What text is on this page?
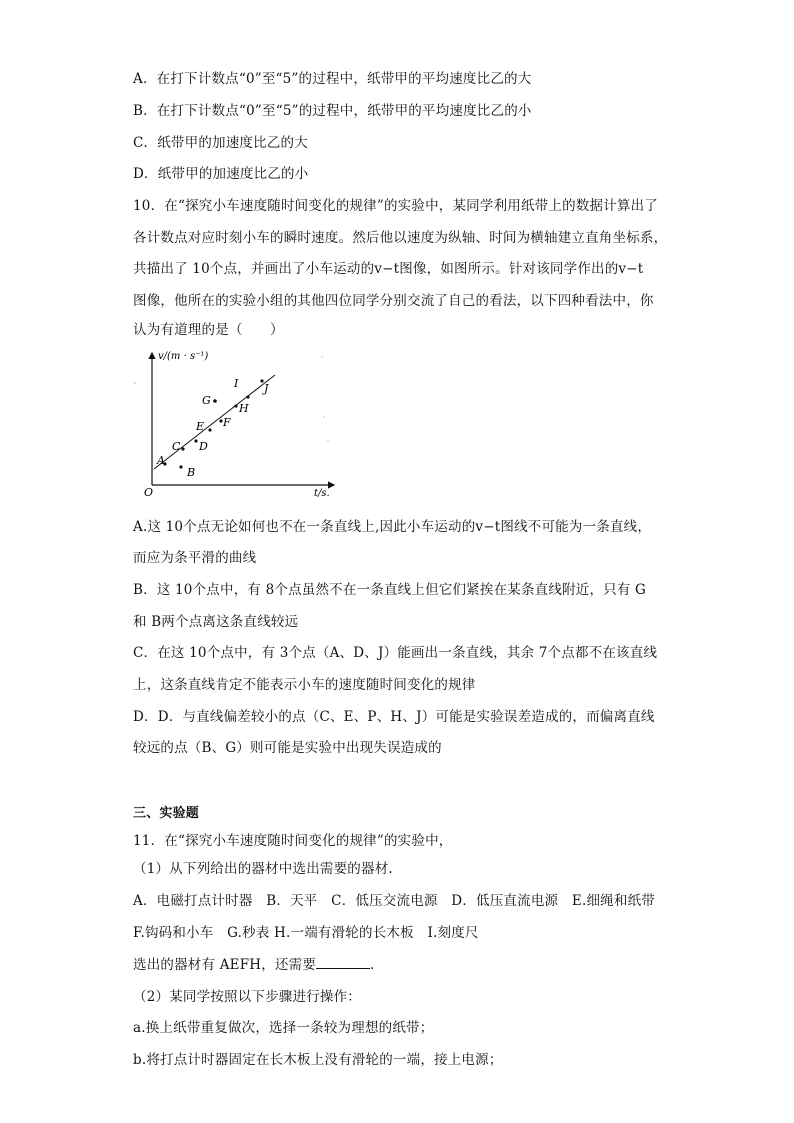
A．在打下计数点“0”至“5”的过程中，纸带甲的平均速度比乙的大
B．在打下计数点“0”至“5”的过程中，纸带甲的平均速度比乙的小
C．纸带甲的加速度比乙的大
D．纸带甲的加速度比乙的小
10．在“探究小车速度随时间变化的规律”的实验中，某同学利用纸带上的数据计算出了
各计数点对应时刻小车的瞬时速度。然后他以速度为纵轴、时间为横轴建立直角坐标系，
共描出了 10个点，并画出了小车运动的v−t图像，如图所示。针对该同学作出的v−t
图像，他所在的实验小组的其他四位同学分别交流了自己的看法，以下四种看法中，你
认为有道理的是（　　）
v/(m · s⁻¹)
t/s.
O
A
B
C D
E F
G
H
I J
A.这 10个点无论如何也不在一条直线上,因此小车运动的v−t图线不可能为一条直线，
而应为条平滑的曲线
B．这 10个点中，有 8个点虽然不在一条直线上但它们紧挨在某条直线附近，只有 G
和 B两个点离这条直线较远
C．在这 10个点中，有 3个点（A、D、J）能画出一条直线，其余 7个点都不在该直线
上，这条直线肯定不能表示小车的速度随时间变化的规律
D．D．与直线偏差较小的点（C、E、P、H、J）可能是实验误差造成的，而偏离直线
较远的点（B、G）则可能是实验中出现失误造成的
三、实验题
11．在“探究小车速度随时间变化的规律”的实验中，
（1）从下列给出的器材中选出需要的器材.
A．电磁打点计时器　B．天平　C．低压交流电源　D．低压直流电源　E.细绳和纸带
F.钩码和小车　G.秒表 H.一端有滑轮的长木板　I.刻度尺
选出的器材有 AEFH，还需要	.
（2）某同学按照以下步骤进行操作：
a.换上纸带重复做次，选择一条较为理想的纸带；
b.将打点计时器固定在长木板上没有滑轮的一端，接上电源；
